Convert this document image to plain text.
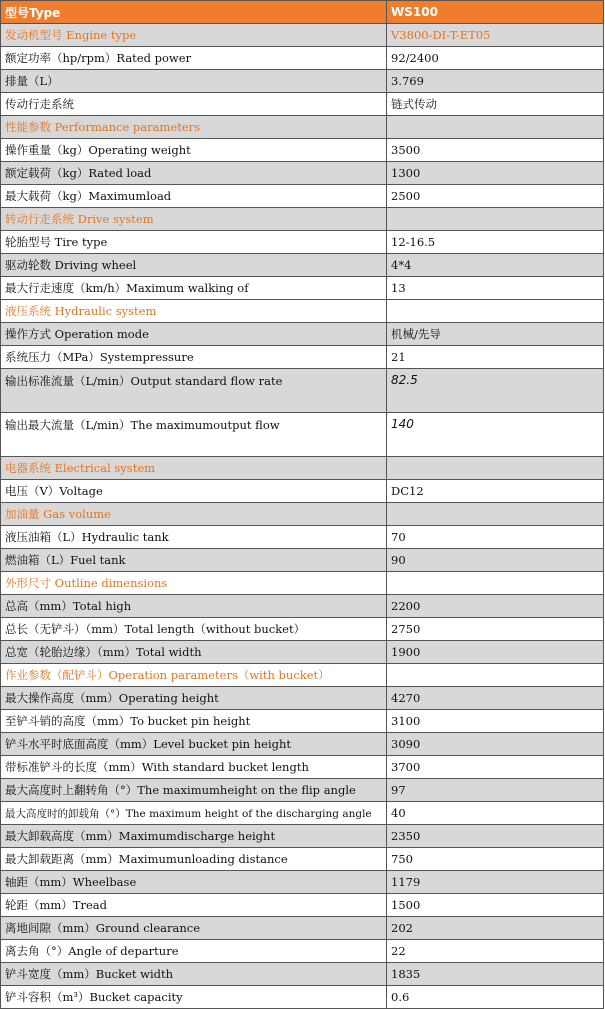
型号Type	WS100
发动机型号 Engine type	V3800-DI-T-ET05
额定功率（hp/rpm）Rated power	92/2400
排量（L）	3.769
传动行走系统	链式传动
性能参数 Performance parameters	
操作重量（kg）Operating weight	3500
额定载荷（kg）Rated load	1300
最大载荷（kg）Maximumload	2500
转动行走系统 Drive system	
轮胎型号 Tire type	12-16.5
驱动轮数 Driving wheel	4*4
最大行走速度（km/h）Maximum walking of	13
液压系统 Hydraulic system	
操作方式 Operation mode	机械/先导
系统压力（MPa）Systempressure	21
输出标准流量（L/min）Output standard flow rate	82.5
输出最大流量（L/min）The maximumoutput flow	140
电器系统 Electrical system	
电压（V）Voltage	DC12
加油量 Gas volume	
液压油箱（L）Hydraulic tank	70
燃油箱（L）Fuel tank	90
外形尺寸 Outline dimensions	
总高（mm）Total high	2200
总长（无铲斗）（mm）Total length（without bucket）	2750
总宽（轮胎边缘）（mm）Total width	1900
作业参数（配铲斗）Operation parameters（with bucket）	
最大操作高度（mm）Operating height	4270
至铲斗销的高度（mm）To bucket pin height	3100
铲斗水平时底面高度（mm）Level bucket pin height	3090
带标准铲斗的长度（mm）With standard bucket length	3700
最大高度时上翻转角（°）The maximumheight on the flip angle	97
最大高度时的卸载角（°）The maximum height of the discharging angle	40
最大卸载高度（mm）Maximumdischarge height	2350
最大卸载距离（mm）Maximumunloading distance	750
轴距（mm）Wheelbase	1179
轮距（mm）Tread	1500
离地间隙（mm）Ground clearance	202
离去角（°）Angle of departure	22
铲斗宽度（mm）Bucket width	1835
铲斗容积（m³）Bucket capacity	0.6
